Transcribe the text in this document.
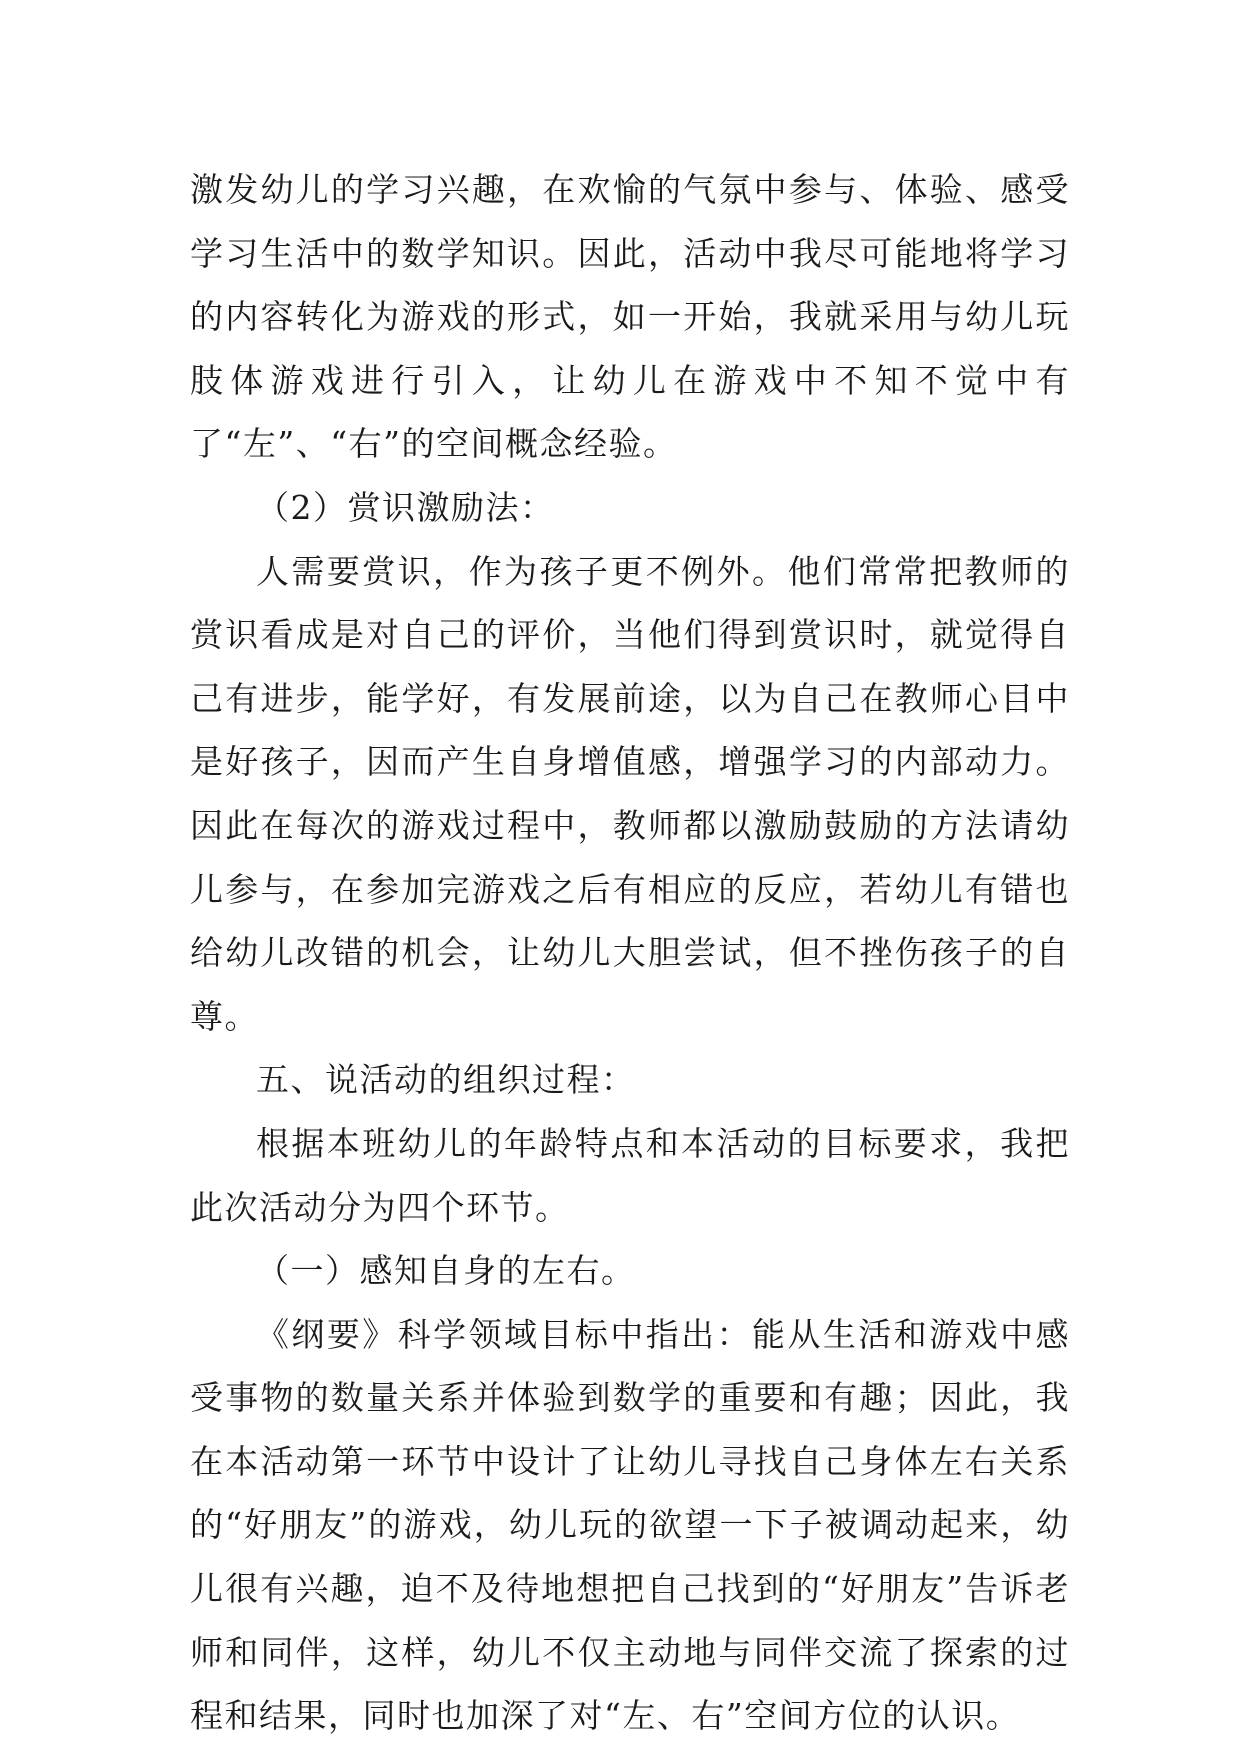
激发幼儿的学习兴趣，在欢愉的气氛中参与、体验、感受学习生活中的数学知识。因此，活动中我尽可能地将学习的内容转化为游戏的形式，如一开始，我就采用与幼儿玩肢体游戏进行引入，让幼儿在游戏中不知不觉中有了“左”、“右”的空间概念经验。

（2）赏识激励法：

人需要赏识，作为孩子更不例外。他们常常把教师的赏识看成是对自己的评价，当他们得到赏识时，就觉得自己有进步，能学好，有发展前途，以为自己在教师心目中是好孩子，因而产生自身增值感，增强学习的内部动力。因此在每次的游戏过程中，教师都以激励鼓励的方法请幼儿参与，在参加完游戏之后有相应的反应，若幼儿有错也给幼儿改错的机会，让幼儿大胆尝试，但不挫伤孩子的自尊。

五、说活动的组织过程：

根据本班幼儿的年龄特点和本活动的目标要求，我把此次活动分为四个环节。

（一）感知自身的左右。

《纲要》科学领域目标中指出：能从生活和游戏中感受事物的数量关系并体验到数学的重要和有趣；因此，我在本活动第一环节中设计了让幼儿寻找自己身体左右关系的“好朋友”的游戏，幼儿玩的欲望一下子被调动起来，幼儿很有兴趣，迫不及待地想把自己找到的“好朋友”告诉老师和同伴，这样，幼儿不仅主动地与同伴交流了探索的过程和结果，同时也加深了对“左、右”空间方位的认识。
